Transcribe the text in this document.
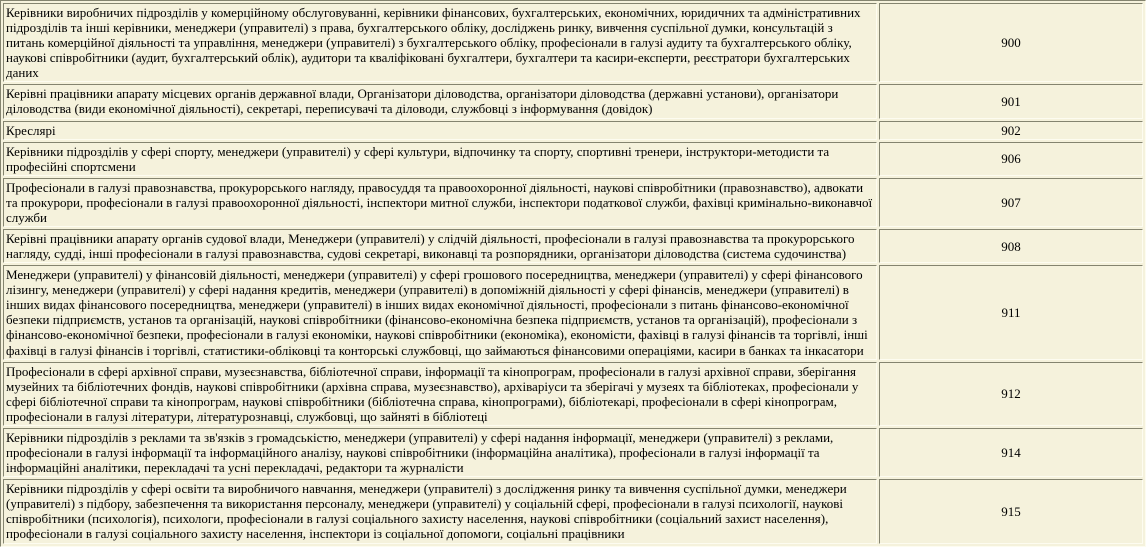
Керівники виробничих підрозділів у комерційному обслуговуванні, керівники фінансових, бухгалтерських, економічних, юридичних та адміністративних підрозділів та інші керівники, менеджери (управителі) з права, бухгалтерського обліку, досліджень ринку, вивчення суспільної думки, консультацій з питань комерційної діяльності та управління, менеджери (управителі) з бухгалтерського обліку, професіонали в галузі аудиту та бухгалтерського обліку, наукові співробітники (аудит, бухгалтерський облік), аудитори та кваліфіковані бухгалтери, бухгалтери та касири-експерти, реєстратори бухгалтерських даних	900
Керівні працівники апарату місцевих органів державної влади, Організатори діловодства, організатори діловодства (державні установи), організатори діловодства (види економічної діяльності), секретарі, переписувачі та діловоди, службовці з інформування (довідок)	901
Креслярі	902
Керівники підрозділів у сфері спорту, менеджери (управителі) у сфері культури, відпочинку та спорту, спортивні тренери, інструктори-методисти та професійні спортсмени	906
Професіонали в галузі правознавства, прокурорського нагляду, правосуддя та правоохоронної діяльності, наукові співробітники (правознавство), адвокати та прокурори, професіонали в галузі правоохоронної діяльності, інспектори митної служби, інспектори податкової служби, фахівці кримінально-виконавчої служби	907
Керівні працівники апарату органів судової влади, Менеджери (управителі) у слідчій діяльності, професіонали в галузі правознавства та прокурорського нагляду, судді, інші професіонали в галузі правознавства, судові секретарі, виконавці та розпорядники, організатори діловодства (система судочинства)	908
Менеджери (управителі) у фінансовій діяльності, менеджери (управителі) у сфері грошового посередництва, менеджери (управителі) у сфері фінансового лізингу, менеджери (управителі) у сфері надання кредитів, менеджери (управителі) в допоміжній діяльності у сфері фінансів, менеджери (управителі) в інших видах фінансового посередництва, менеджери (управителі) в інших видах економічної діяльності, професіонали з питань фінансово-економічної безпеки підприємств, установ та організацій, наукові співробітники (фінансово-економічна безпека підприємств, установ та організацій), професіонали з фінансово-економічної безпеки, професіонали в галузі економіки, наукові співробітники (економіка), економісти, фахівці в галузі фінансів та торгівлі, інші фахівці в галузі фінансів і торгівлі, статистики-обліковці та конторські службовці, що займаються фінансовими операціями, касири в банках та інкасатори	911
Професіонали в сфері архівної справи, музеєзнавства, бібліотечної справи, інформації та кінопрограм, професіонали в галузі архівної справи, зберігання музейних та бібліотечних фондів, наукові співробітники (архівна справа, музеєзнавство), архіваріуси та зберігачі у музеях та бібліотеках, професіонали у сфері бібліотечної справи та кінопрограм, наукові співробітники (бібліотечна справа, кінопрограми), бібліотекарі, професіонали в сфері кінопрограм, професіонали в галузі літератури, літературознавці, службовці, що зайняті в бібліотеці	912
Керівники підрозділів з реклами та зв'язків з громадськістю, менеджери (управителі) у сфері надання інформації, менеджери (управителі) з реклами, професіонали в галузі інформації та інформаційного аналізу, наукові співробітники (інформаційна аналітика), професіонали в галузі інформації та інформаційні аналітики, перекладачі та усні перекладачі, редактори та журналісти	914
Керівники підрозділів у сфері освіти та виробничого навчання, менеджери (управителі) з дослідження ринку та вивчення суспільної думки, менеджери (управителі) з підбору, забезпечення та використання персоналу, менеджери (управителі) у соціальній сфері, професіонали в галузі психології, наукові співробітники (психологія), психологи, професіонали в галузі соціального захисту населення, наукові співробітники (соціальний захист населення), професіонали в галузі соціального захисту населення, інспектори із соціальної допомоги, соціальні працівники	915
